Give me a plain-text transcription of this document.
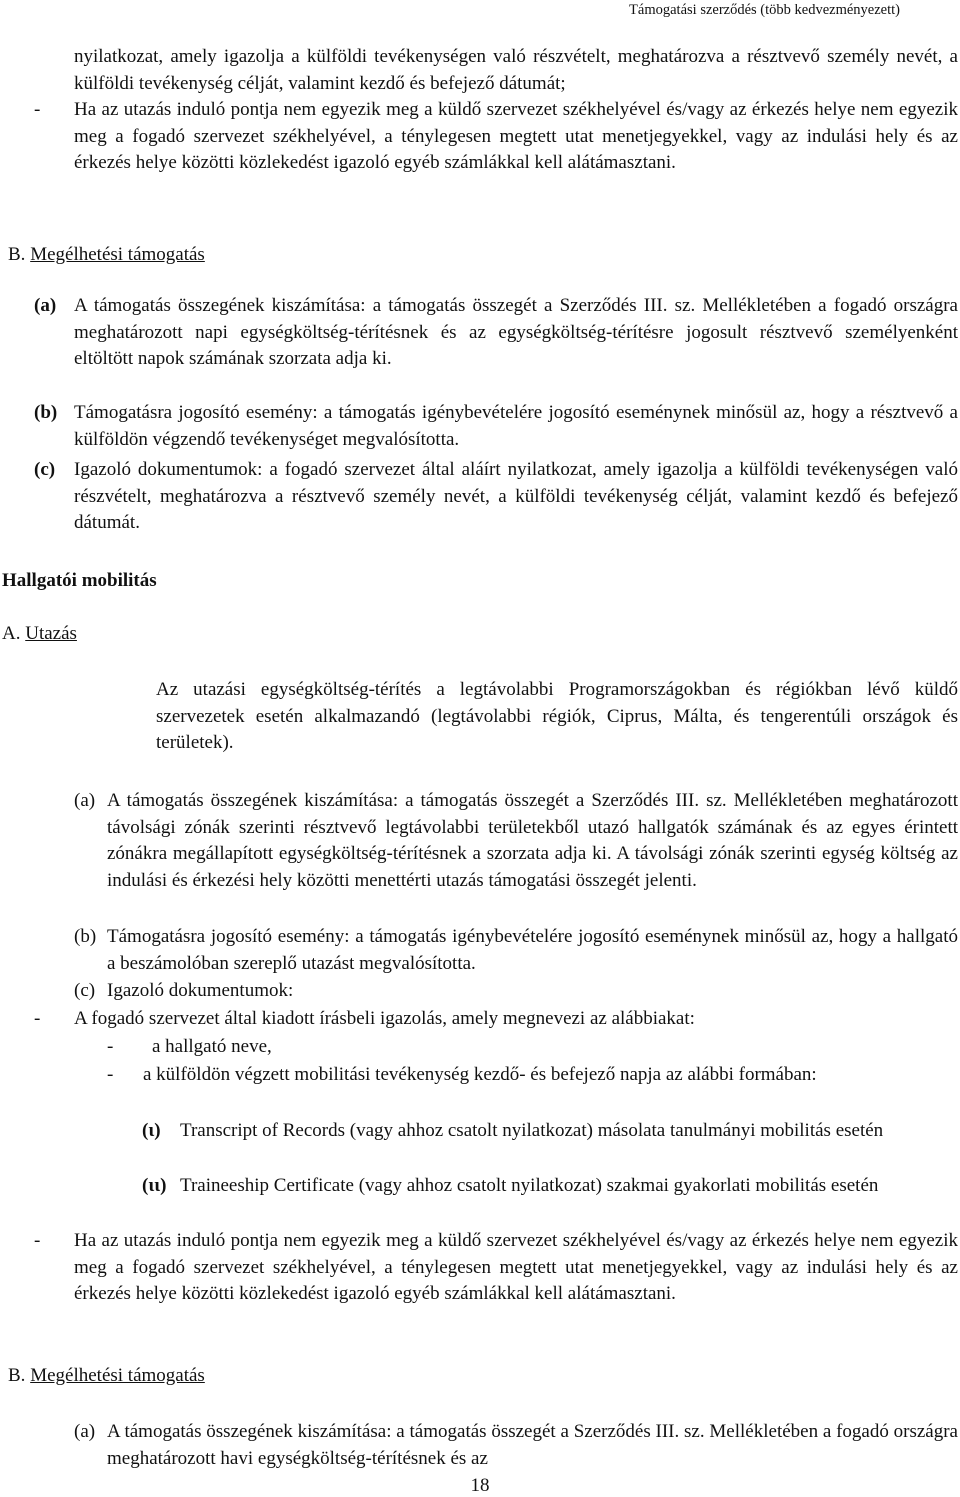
Támogatási szerződés (több kedvezményezett)
nyilatkozat, amely igazolja a külföldi tevékenységen való részvételt, meghatározva a résztvevő személy nevét, a külföldi tevékenység célját, valamint kezdő és befejező dátumát;
- Ha az utazás induló pontja nem egyezik meg a küldő szervezet székhelyével és/vagy az érkezés helye nem egyezik meg a fogadó szervezet székhelyével, a ténylegesen megtett utat menetjegyekkel, vagy az indulási hely és az érkezés helye közötti közlekedést igazoló egyéb számlákkal kell alátámasztani.
B. Megélhetési támogatás
(a) A támogatás összegének kiszámítása: a támogatás összegét a Szerződés III. sz. Mellékletében a fogadó országra meghatározott napi egységköltség-térítésnek és az egységköltség-térítésre jogosult résztvevő személyenként eltöltött napok számának szorzata adja ki.
(b) Támogatásra jogosító esemény: a támogatás igénybevételére jogosító eseménynek minősül az, hogy a résztvevő a külföldön végzendő tevékenységet megvalósította.
(c) Igazoló dokumentumok: a fogadó szervezet által aláírt nyilatkozat, amely igazolja a külföldi tevékenységen való részvételt, meghatározva a résztvevő személy nevét, a külföldi tevékenység célját, valamint kezdő és befejező dátumát.
Hallgatói mobilitás
A. Utazás
Az utazási egységköltség-térítés a legtávolabbi Programországokban és régiókban lévő küldő szervezetek esetén alkalmazandó (legtávolabbi régiók, Ciprus, Málta, és tengerentúli országok és területek).
(a) A támogatás összegének kiszámítása: a támogatás összegét a Szerződés III. sz. Mellékletében meghatározott távolsági zónák szerinti résztvevő legtávolabbi területekből utazó hallgatók számának és az egyes érintett zónákra megállapított egységköltség-térítésnek a szorzata adja ki. A távolsági zónák szerinti egység költség az indulási és érkezési hely közötti menettérti utazás támogatási összegét jelenti.
(b) Támogatásra jogosító esemény: a támogatás igénybevételére jogosító eseménynek minősül az, hogy a hallgató a beszámolóban szereplő utazást megvalósította.
(c) Igazoló dokumentumok:
- A fogadó szervezet által kiadott írásbeli igazolás, amely megnevezi az alábbiakat:
- a hallgató neve,
- a külföldön végzett mobilitási tevékenység kezdő- és befejező napja az alábbi formában:
(ι) Transcript of Records (vagy ahhoz csatolt nyilatkozat) másolata tanulmányi mobilitás esetén
(ιι) Traineeship Certificate (vagy ahhoz csatolt nyilatkozat) szakmai gyakorlati mobilitás esetén
- Ha az utazás induló pontja nem egyezik meg a küldő szervezet székhelyével és/vagy az érkezés helye nem egyezik meg a fogadó szervezet székhelyével, a ténylegesen megtett utat menetjegyekkel, vagy az indulási hely és az érkezés helye közötti közlekedést igazoló egyéb számlákkal kell alátámasztani.
B. Megélhetési támogatás
(a) A támogatás összegének kiszámítása: a támogatás összegét a Szerződés III. sz. Mellékletében a fogadó országra meghatározott havi egységköltség-térítésnek és az
18
